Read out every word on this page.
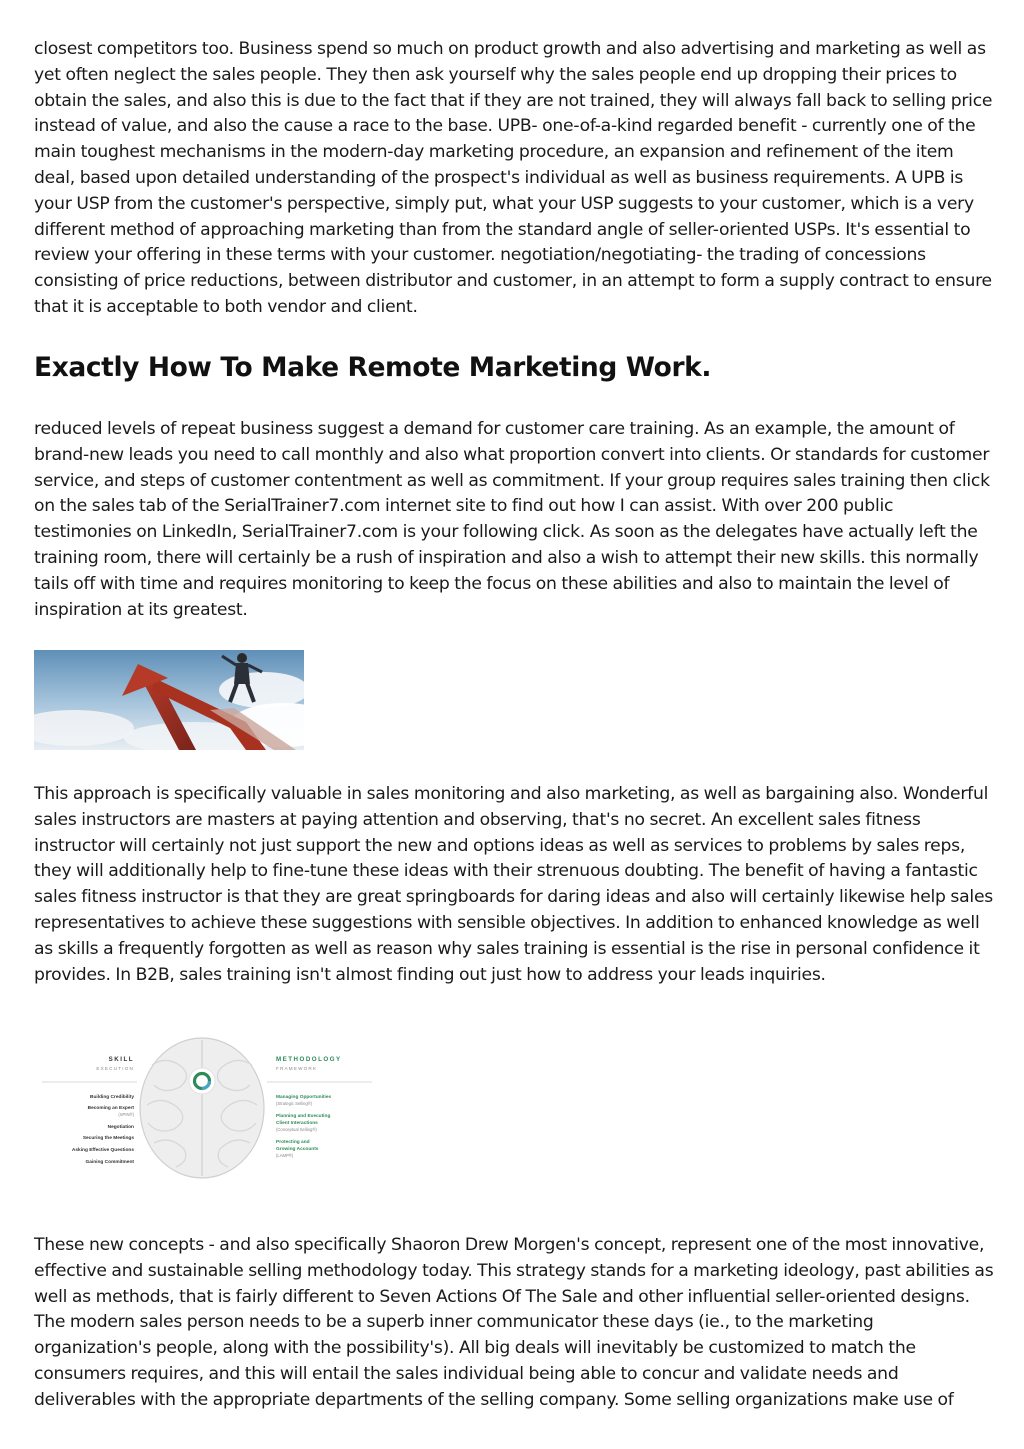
closest competitors too. Business spend so much on product growth and also advertising and marketing as well as yet often neglect the sales people. They then ask yourself why the sales people end up dropping their prices to obtain the sales, and also this is due to the fact that if they are not trained, they will always fall back to selling price instead of value, and also the cause a race to the base. UPB- one-of-a-kind regarded benefit - currently one of the main toughest mechanisms in the modern-day marketing procedure, an expansion and refinement of the item deal, based upon detailed understanding of the prospect's individual as well as business requirements. A UPB is your USP from the customer's perspective, simply put, what your USP suggests to your customer, which is a very different method of approaching marketing than from the standard angle of seller-oriented USPs. It's essential to review your offering in these terms with your customer. negotiation/negotiating- the trading of concessions consisting of price reductions, between distributor and customer, in an attempt to form a supply contract to ensure that it is acceptable to both vendor and client.

Exactly How To Make Remote Marketing Work.

reduced levels of repeat business suggest a demand for customer care training. As an example, the amount of brand-new leads you need to call monthly and also what proportion convert into clients. Or standards for customer service, and steps of customer contentment as well as commitment. If your group requires sales training then click on the sales tab of the SerialTrainer7.com internet site to find out how I can assist. With over 200 public testimonies on LinkedIn, SerialTrainer7.com is your following click. As soon as the delegates have actually left the training room, there will certainly be a rush of inspiration and also a wish to attempt their new skills. this normally tails off with time and requires monitoring to keep the focus on these abilities and also to maintain the level of inspiration at its greatest.

This approach is specifically valuable in sales monitoring and also marketing, as well as bargaining also. Wonderful sales instructors are masters at paying attention and observing, that's no secret. An excellent sales fitness instructor will certainly not just support the new and options ideas as well as services to problems by sales reps, they will additionally help to fine-tune these ideas with their strenuous doubting. The benefit of having a fantastic sales fitness instructor is that they are great springboards for daring ideas and also will certainly likewise help sales representatives to achieve these suggestions with sensible objectives. In addition to enhanced knowledge as well as skills a frequently forgotten as well as reason why sales training is essential is the rise in personal confidence it provides. In B2B, sales training isn't almost finding out just how to address your leads inquiries.

SKILL
EXECUTION
METHODOLOGY
FRAMEWORK
Building Credibility
Becoming an Expert
(SPIN®)
Negotiation
Securing the Meetings
Asking Effective Questions
Gaining Commitment
Managing Opportunities
(Strategic Selling®)
Planning and Executing
Client Interactions
(Conceptual Selling®)
Protecting and
Growing Accounts
(LAMP®)

These new concepts - and also specifically Shaoron Drew Morgen's concept, represent one of the most innovative, effective and sustainable selling methodology today. This strategy stands for a marketing ideology, past abilities as well as methods, that is fairly different to Seven Actions Of The Sale and other influential seller-oriented designs. The modern sales person needs to be a superb inner communicator these days (ie., to the marketing organization's people, along with the possibility's). All big deals will inevitably be customized to match the consumers requires, and this will entail the sales individual being able to concur and validate needs and deliverables with the appropriate departments of the selling company. Some selling organizations make use of
